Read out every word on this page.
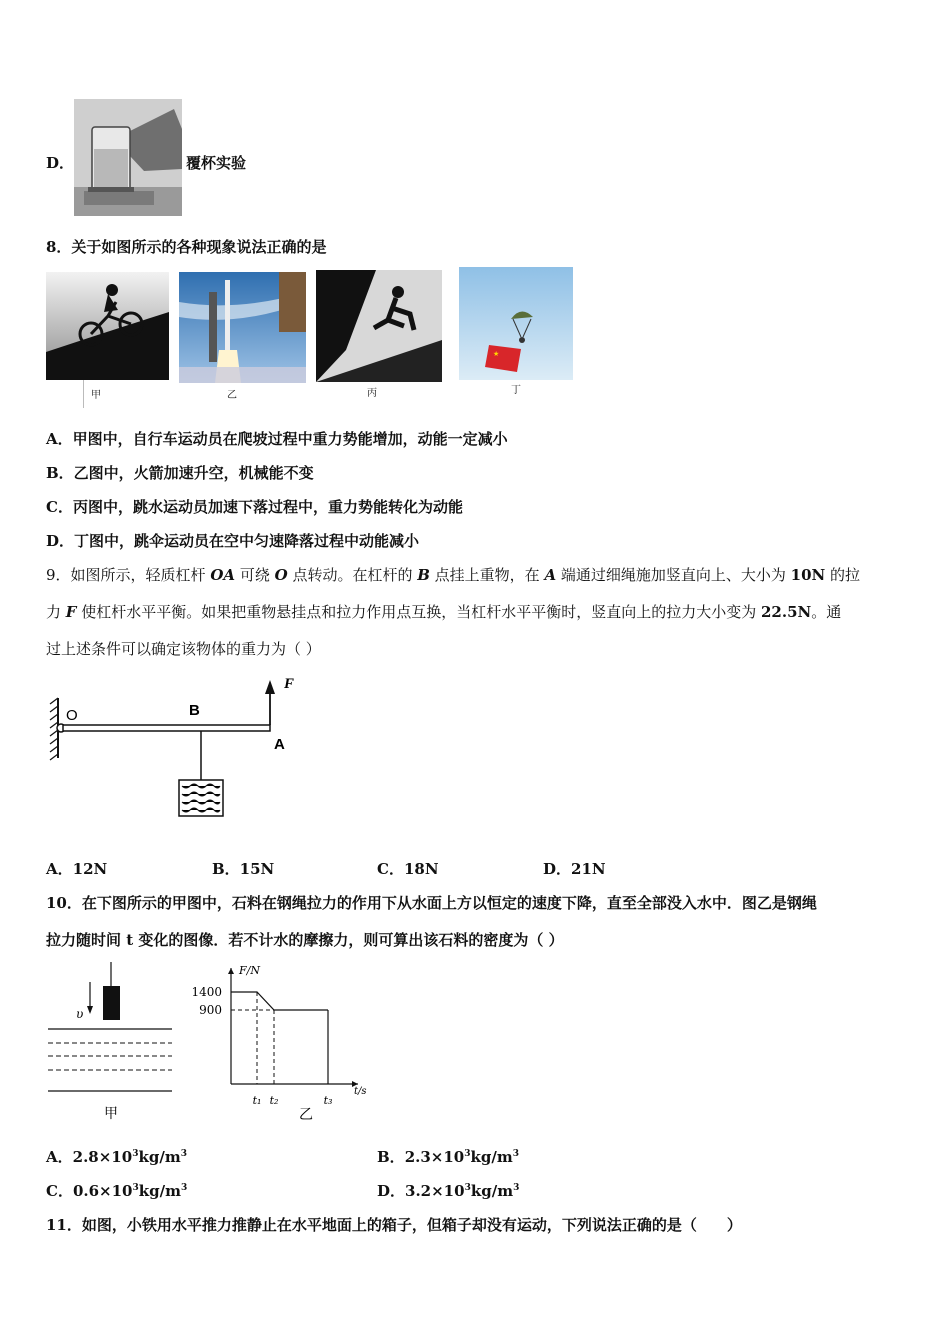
D．	覆杯实验
8．关于如图所示的各种现象说法正确的是
★
甲	乙	丙	丁
A．甲图中，自行车运动员在爬坡过程中重力势能增加，动能一定减小
B．乙图中，火箭加速升空，机械能不变
C．丙图中，跳水运动员加速下落过程中，重力势能转化为动能
D．丁图中，跳伞运动员在空中匀速降落过程中动能减小
9．如图所示，轻质杠杆 OA 可绕 O 点转动。在杠杆的 B 点挂上重物，在 A 端通过细绳施加竖直向上、大小为 10N 的拉
力 F 使杠杆水平平衡。如果把重物悬挂点和拉力作用点互换，当杠杆水平平衡时，竖直向上的拉力大小变为 22.5N。通
过上述条件可以确定该物体的重力为（ ）
O	B
A
F
A．12N	B．15N	C．18N	D．21N
10．在下图所示的甲图中，石料在钢绳拉力的作用下从水面上方以恒定的速度下降，直至全部没入水中．图乙是钢绳
拉力随时间 t 变化的图像．若不计水的摩擦力，则可算出该石料的密度为（ ）
υ
甲
1400
900
t₁ t₂	t₃
F/N
t/s
乙
A．$2.8\times 10^3kg/m^3$	B．$2.3\times 10^3kg/m^3$
C．$0.6\times 10^3kg/m^3$	D．$3.2\times 10^3kg/m^3$
11．如图，小铁用水平推力推静止在水平地面上的箱子，但箱子却没有运动，下列说法正确的是（　　）
